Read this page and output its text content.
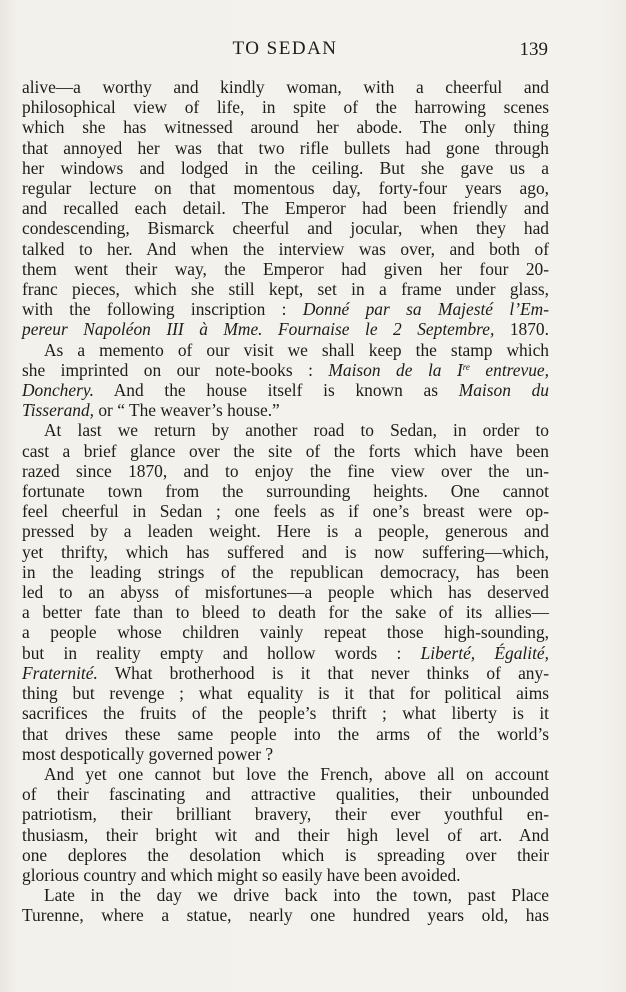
TO SEDAN	139
alive—a worthy and kindly woman, with a cheerful and
philosophical view of life, in spite of the harrowing scenes
which she has witnessed around her abode. The only thing
that annoyed her was that two rifle bullets had gone through
her windows and lodged in the ceiling. But she gave us a
regular lecture on that momentous day, forty-four years ago,
and recalled each detail. The Emperor had been friendly and
condescending, Bismarck cheerful and jocular, when they had
talked to her. And when the interview was over, and both of
them went their way, the Emperor had given her four 20-
franc pieces, which she still kept, set in a frame under glass,
with the following inscription : Donné par sa Majesté l’Em-
pereur Napoléon III à Mme. Fournaise le 2 Septembre, 1870.
As a memento of our visit we shall keep the stamp which
she imprinted on our note-books : Maison de la Ire entrevue,
Donchery. And the house itself is known as Maison du
Tisserand, or “ The weaver’s house.”
At last we return by another road to Sedan, in order to
cast a brief glance over the site of the forts which have been
razed since 1870, and to enjoy the fine view over the un-
fortunate town from the surrounding heights. One cannot
feel cheerful in Sedan ; one feels as if one’s breast were op-
pressed by a leaden weight. Here is a people, generous and
yet thrifty, which has suffered and is now suffering—which,
in the leading strings of the republican democracy, has been
led to an abyss of misfortunes—a people which has deserved
a better fate than to bleed to death for the sake of its allies—
a people whose children vainly repeat those high-sounding,
but in reality empty and hollow words : Liberté, Égalité,
Fraternité. What brotherhood is it that never thinks of any-
thing but revenge ; what equality is it that for political aims
sacrifices the fruits of the people’s thrift ; what liberty is it
that drives these same people into the arms of the world’s
most despotically governed power ?
And yet one cannot but love the French, above all on account
of their fascinating and attractive qualities, their unbounded
patriotism, their brilliant bravery, their ever youthful en-
thusiasm, their bright wit and their high level of art. And
one deplores the desolation which is spreading over their
glorious country and which might so easily have been avoided.
Late in the day we drive back into the town, past Place
Turenne, where a statue, nearly one hundred years old, has
